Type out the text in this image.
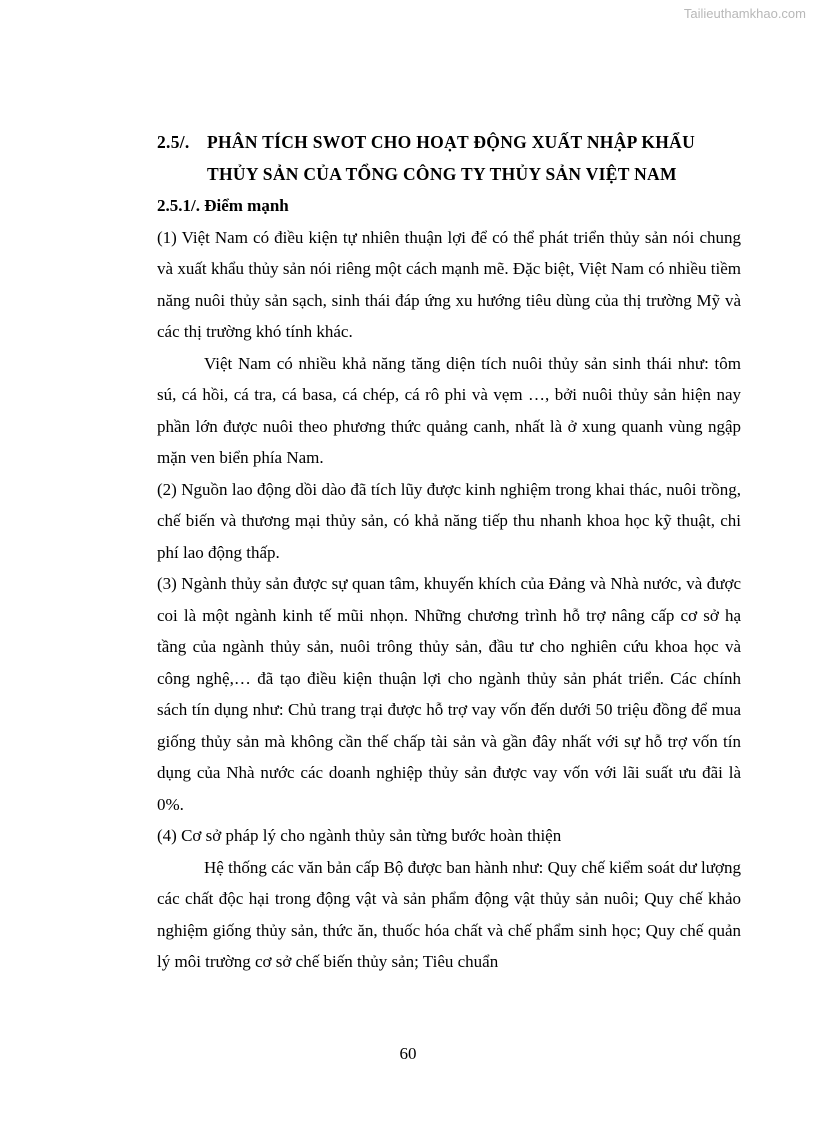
Tailieuthamkhao.com
2.5/. PHÂN TÍCH SWOT CHO HOẠT ĐỘNG XUẤT NHẬP KHẨU
THỦY SẢN CỦA TỔNG CÔNG TY THỦY SẢN VIỆT NAM
2.5.1/. Điểm mạnh

(1) Việt Nam có điều kiện tự nhiên thuận lợi để có thể phát triển thủy sản nói chung và xuất khẩu thủy sản nói riêng một cách mạnh mẽ. Đặc biệt, Việt Nam có nhiều tiềm năng nuôi thủy sản sạch, sinh thái đáp ứng xu hướng tiêu dùng của thị trường Mỹ và các thị trường khó tính khác.

Việt Nam có nhiều khả năng tăng diện tích nuôi thủy sản sinh thái như: tôm sú, cá hồi, cá tra, cá basa, cá chép, cá rô phi và vẹm …, bởi nuôi thủy sản hiện nay phần lớn được nuôi theo phương thức quảng canh, nhất là ở xung quanh vùng ngập mặn ven biển phía Nam.

(2) Nguồn lao động dồi dào đã tích lũy được kinh nghiệm trong khai thác, nuôi trồng, chế biến và thương mại thủy sản, có khả năng tiếp thu nhanh khoa học kỹ thuật, chi phí lao động thấp.

(3) Ngành thủy sản được sự quan tâm, khuyến khích của Đảng và Nhà nước, và được coi là một ngành kinh tế mũi nhọn. Những chương trình hỗ trợ nâng cấp cơ sở hạ tầng của ngành thủy sản, nuôi trông thủy sản, đầu tư cho nghiên cứu khoa học và công nghệ,… đã tạo điều kiện thuận lợi cho ngành thủy sản phát triển. Các chính sách tín dụng như: Chủ trang trại được hỗ trợ vay vốn đến dưới 50 triệu đồng để mua giống thủy sản mà không cần thế chấp tài sản và gần đây nhất với sự hỗ trợ vốn tín dụng của Nhà nước các doanh nghiệp thủy sản được vay vốn với lãi suất ưu đãi là 0%.

(4) Cơ sở pháp lý cho ngành thủy sản từng bước hoàn thiện

Hệ thống các văn bản cấp Bộ được ban hành như: Quy chế kiểm soát dư lượng các chất độc hại trong động vật và sản phẩm động vật thủy sản nuôi; Quy chế khảo nghiệm giống thủy sản, thức ăn, thuốc hóa chất và chế phẩm sinh học; Quy chế quản lý môi trường cơ sở chế biến thủy sản; Tiêu chuẩn

60
